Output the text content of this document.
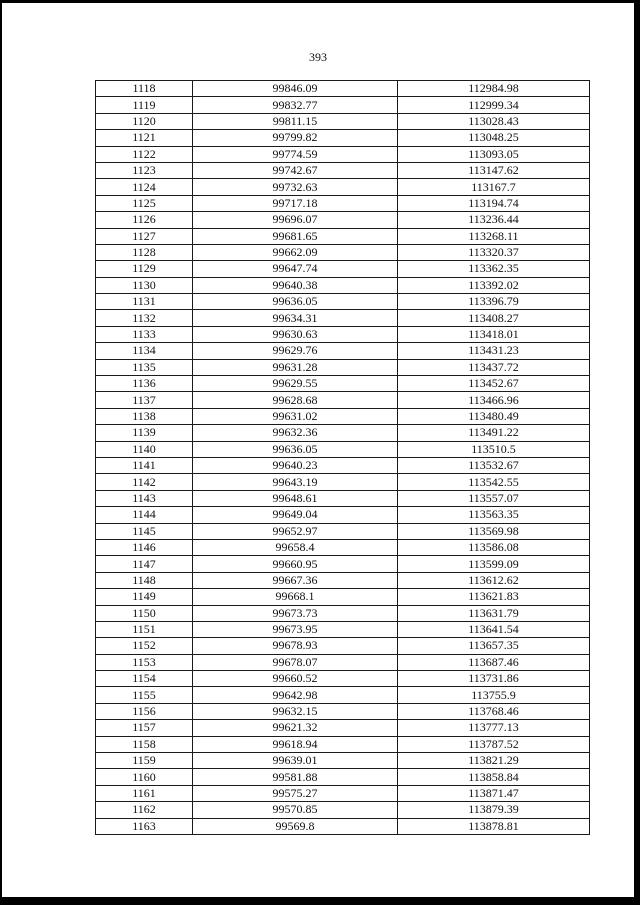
393
1118	99846.09	112984.98
1119	99832.77	112999.34
1120	99811.15	113028.43
1121	99799.82	113048.25
1122	99774.59	113093.05
1123	99742.67	113147.62
1124	99732.63	113167.7
1125	99717.18	113194.74
1126	99696.07	113236.44
1127	99681.65	113268.11
1128	99662.09	113320.37
1129	99647.74	113362.35
1130	99640.38	113392.02
1131	99636.05	113396.79
1132	99634.31	113408.27
1133	99630.63	113418.01
1134	99629.76	113431.23
1135	99631.28	113437.72
1136	99629.55	113452.67
1137	99628.68	113466.96
1138	99631.02	113480.49
1139	99632.36	113491.22
1140	99636.05	113510.5
1141	99640.23	113532.67
1142	99643.19	113542.55
1143	99648.61	113557.07
1144	99649.04	113563.35
1145	99652.97	113569.98
1146	99658.4	113586.08
1147	99660.95	113599.09
1148	99667.36	113612.62
1149	99668.1	113621.83
1150	99673.73	113631.79
1151	99673.95	113641.54
1152	99678.93	113657.35
1153	99678.07	113687.46
1154	99660.52	113731.86
1155	99642.98	113755.9
1156	99632.15	113768.46
1157	99621.32	113777.13
1158	99618.94	113787.52
1159	99639.01	113821.29
1160	99581.88	113858.84
1161	99575.27	113871.47
1162	99570.85	113879.39
1163	99569.8	113878.81
